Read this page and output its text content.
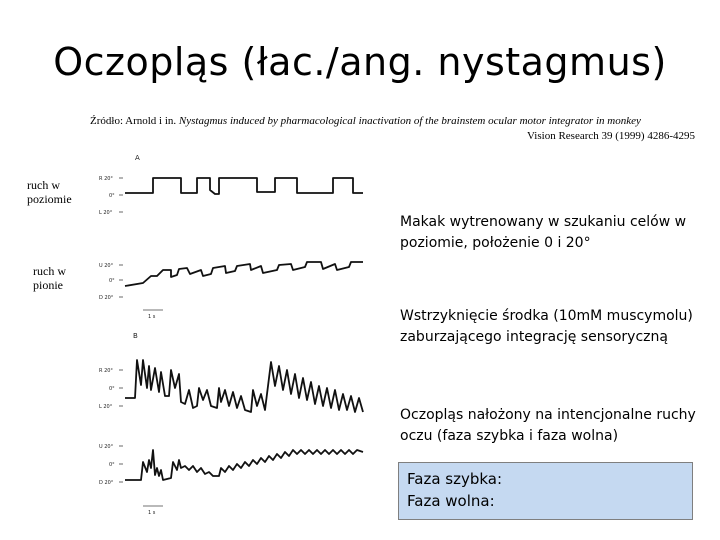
Oczopląs (łac./ang. nystagmus)
Źródło: Arnold i in. Nystagmus induced by pharmacological inactivation of the brainstem ocular motor integrator in monkey
Vision Research 39 (1999) 4286-4295
ruch w
poziomie
ruch w
pionie
A
B
R 20°
0°
L 20°
U 20°
0°
D 20°
R 20°
0°
L 20°
U 20°
0°
D 20°
1 s
1 s
Makak wytrenowany w szukaniu celów w poziomie, położenie 0 i 20°
Wstrzyknięcie środka (10mM muscymolu) zaburzającego integrację sensoryczną
Oczopląs nałożony na intencjonalne ruchy oczu (faza szybka i faza wolna)
Faza szybka:
Faza wolna:
